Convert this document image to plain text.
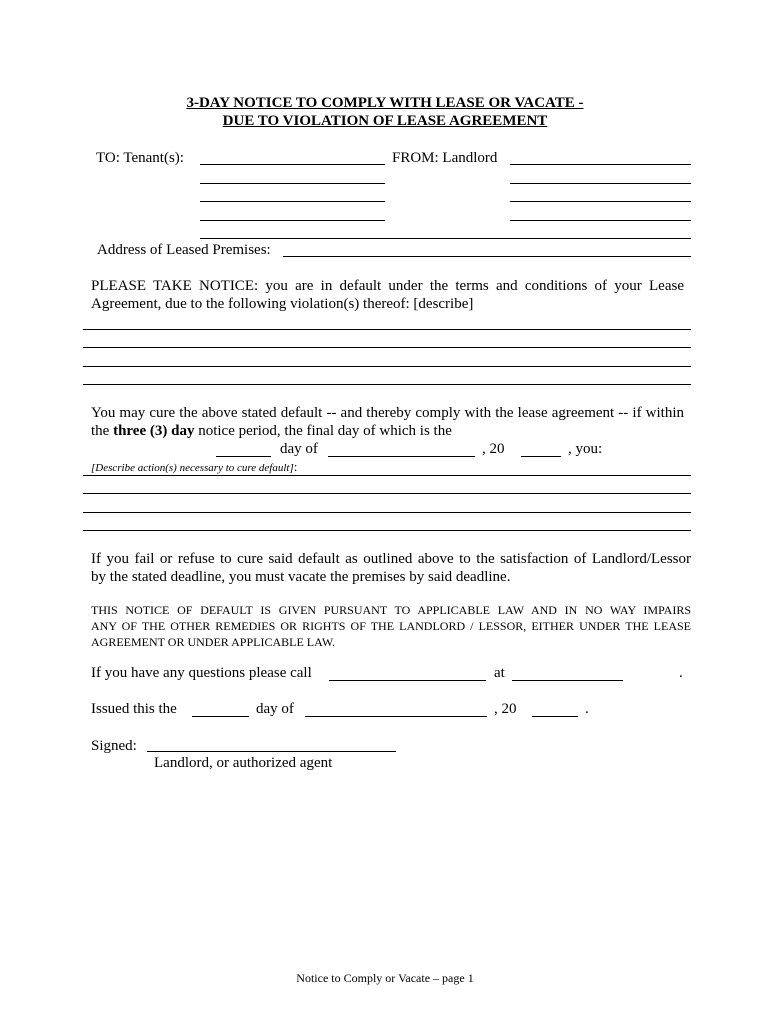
3-DAY NOTICE TO COMPLY WITH LEASE OR VACATE -
DUE TO VIOLATION OF LEASE AGREEMENT
TO: Tenant(s):	FROM: Landlord
Address of Leased Premises:
PLEASE TAKE NOTICE: you are in default under the terms and conditions of your Lease
Agreement, due to the following violation(s) thereof: [describe]
You may cure the above stated default -- and thereby comply with the lease agreement -- if within
the three (3) day notice period, the final day of which is the
day of	, 20	, you:
[Describe action(s) necessary to cure default]:
If you fail or refuse to cure said default as outlined above to the satisfaction of Landlord/Lessor
by the stated deadline, you must vacate the premises by said deadline.
THIS NOTICE OF DEFAULT IS GIVEN PURSUANT TO APPLICABLE LAW AND IN NO WAY IMPAIRS
ANY OF THE OTHER REMEDIES OR RIGHTS OF THE LANDLORD / LESSOR, EITHER UNDER THE LEASE
AGREEMENT OR UNDER APPLICABLE LAW.
If you have any questions please call	at	.
Issued this the	day of	, 20	.
Signed:
Landlord, or authorized agent
Notice to Comply or Vacate – page 1
